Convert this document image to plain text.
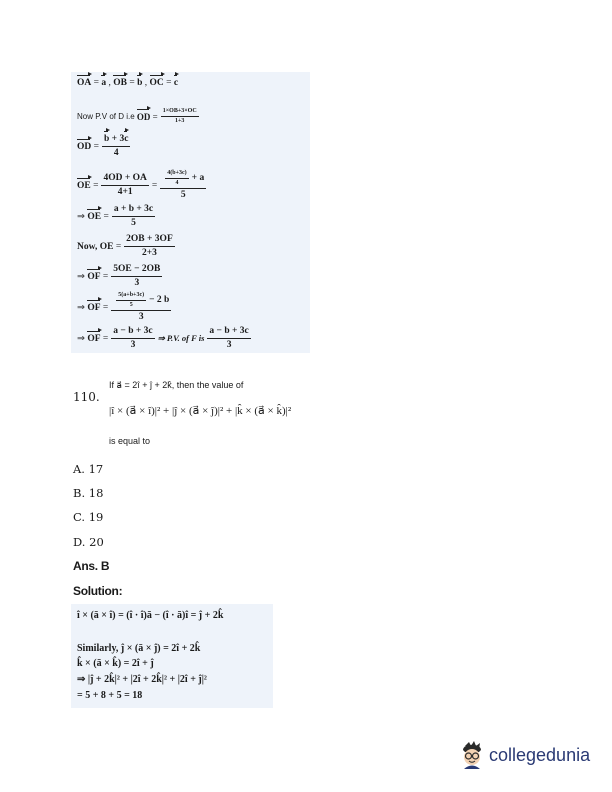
OA = a , OB = b , OC = c
Now P.V of D i.e
OD = $\frac{1\times OB+3\times OC}{1+3}$
OD = $\frac{b + 3c}{4}$
OE = $\frac{4OD + OA}{4+1} = \frac{\frac{4(b+3c)}{4} + a}{5}$
⇒
OE = $\frac{a + b + 3c}{5}$
Now, OE = $\frac{2OB + 3OF}{2+3}$
⇒
OF = $\frac{5OE - 2OB}{3}$
⇒
OF = $\frac{\frac{5(a+b+3c)}{5} - 2 b}{3}$
⇒
OF = $\frac{a - b + 3c}{3}$ ⇒ P.V. of F is $\frac{a - b + 3c}{3}$
110.
If a⃗ = 2î + ĵ + 2k̂, then the value of
|î × (a⃗ × î)|² + |ĵ × (a⃗ × ĵ)|² + |k̂ × (a⃗ × k̂)|²
is equal to
A. 17
B. 18
C. 19
D. 20
Ans. B
Solution:
î × (ā × î) = (î · î)ā − (î · ā)î = ĵ + 2k̂
Similarly, ĵ × (ā × ĵ) = 2î + 2k̂
k̂ × (ā × k̂) = 2î + ĵ
⇒ |ĵ + 2k̂|² + |2î + 2k̂|² + |2î + ĵ|²
= 5 + 8 + 5 = 18
collegedunia
